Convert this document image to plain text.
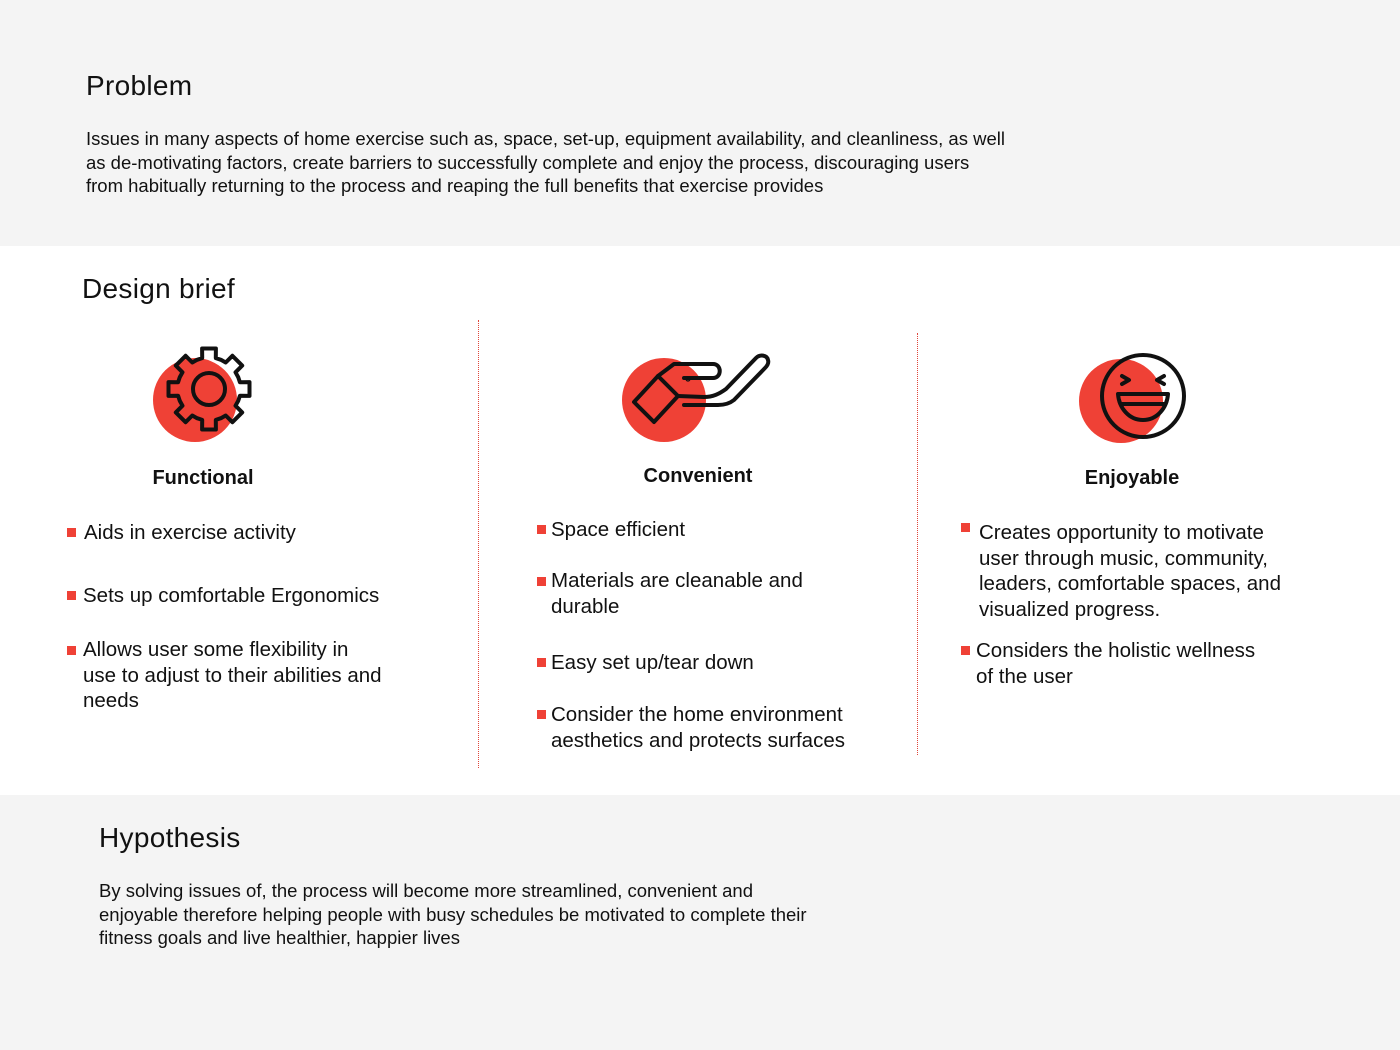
Problem
Issues in many aspects of home exercise such as, space, set-up, equipment availability, and cleanliness, as well
as de-motivating factors, create barriers to successfully complete and enjoy the process, discouraging users
from habitually returning to the process and reaping the full benefits that exercise provides
Design brief
Functional
Aids in exercise activity
Sets up comfortable Ergonomics
Allows user some flexibility in
use to adjust to their abilities and
needs
Convenient
Space efficient
Materials are cleanable and
durable
Easy set up/tear down
Consider the home environment
aesthetics and protects surfaces
Enjoyable
Creates opportunity to motivate
user through music, community,
leaders, comfortable spaces, and
visualized progress.
Considers the holistic wellness
of the user
Hypothesis
By solving issues of, the process will become more streamlined, convenient and
enjoyable therefore helping people with busy schedules be motivated to complete their
fitness goals and live healthier, happier lives
